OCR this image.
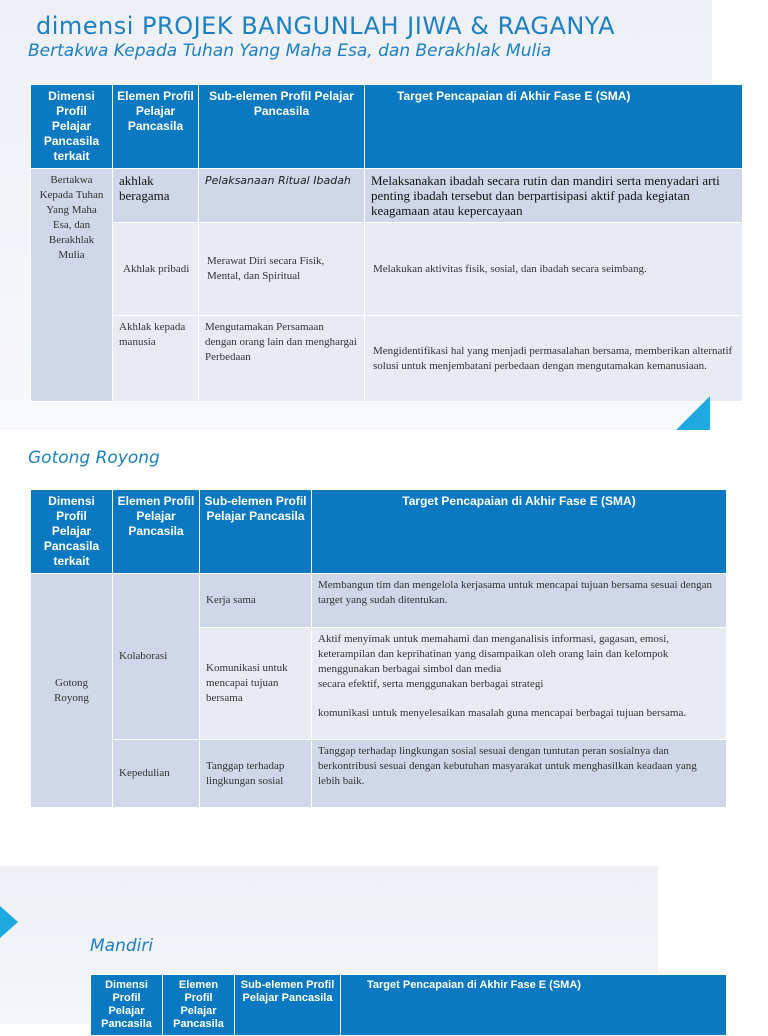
dimensi PROJEK BANGUNLAH JIWA & RAGANYA
Bertakwa Kepada Tuhan Yang Maha Esa, dan Berakhlak Mulia
Dimensi Profil Pelajar Pancasila terkait	Elemen Profil Pelajar Pancasila	Sub-elemen Profil Pelajar Pancasila	Target Pencapaian di Akhir Fase E (SMA)
Bertakwa Kepada Tuhan Yang Maha Esa, dan Berakhlak Mulia	akhlak beragama	Pelaksanaan Ritual Ibadah	Melaksanakan ibadah secara rutin dan mandiri serta menyadari arti penting ibadah tersebut dan berpartisipasi aktif pada kegiatan keagamaan atau kepercayaan
	Akhlak pribadi	Merawat Diri secara Fisik, Mental, dan Spiritual	Melakukan aktivitas fisik, sosial, dan ibadah secara seimbang.
	Akhlak kepada manusia	Mengutamakan Persamaan dengan orang lain dan menghargai Perbedaan	Mengidentifikasi hal yang menjadi permasalahan bersama, memberikan alternatif solusi untuk menjembatani perbedaan dengan mengutamakan kemanusiaan.
Gotong Royong
Dimensi Profil Pelajar Pancasila terkait	Elemen Profil Pelajar Pancasila	Sub-elemen Profil Pelajar Pancasila	Target Pencapaian di Akhir Fase E (SMA)
Gotong Royong	Kolaborasi	Kerja sama	Membangun tim dan mengelola kerjasama untuk mencapai tujuan bersama sesuai dengan target yang sudah ditentukan.
		Komunikasi untuk mencapai tujuan bersama	Aktif menyimak untuk memahami dan menganalisis informasi, gagasan, emosi, keterampilan dan keprihatinan yang disampaikan oleh orang lain dan kelompok menggunakan berbagai simbol dan media
secara efektif, serta menggunakan berbagai strategi
komunikasi untuk menyelesaikan masalah guna mencapai berbagai tujuan bersama.

	Kepedulian	Tanggap terhadap lingkungan sosial	Tanggap terhadap lingkungan sosial sesuai dengan tuntutan peran sosialnya dan berkontribusi sesuai dengan kebutuhan masyarakat untuk menghasilkan keadaan yang lebih baik.
Mandiri
Dimensi Profil Pelajar Pancasila	Elemen Profil Pelajar Pancasila	Sub-elemen Profil Pelajar Pancasila	Target Pencapaian di Akhir Fase E (SMA)
